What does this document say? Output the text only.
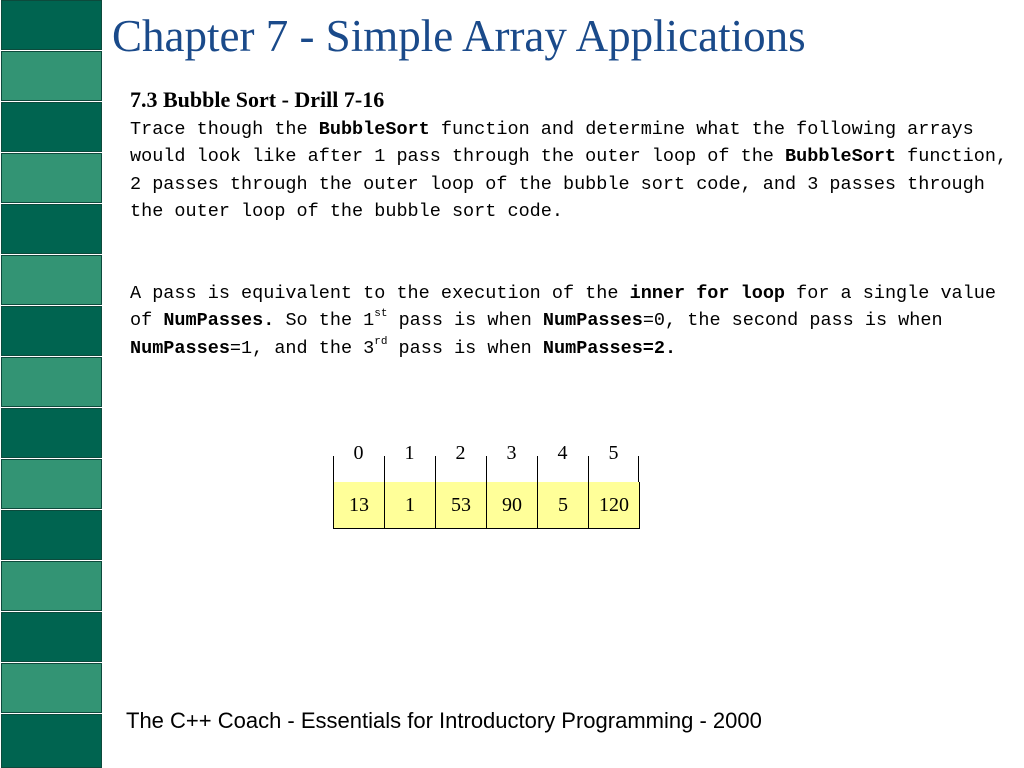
Chapter 7 - Simple Array Applications
7.3 Bubble Sort - Drill 7-16

Trace though the BubbleSort function and determine what the following arrays would look like after 1 pass through the outer loop of the BubbleSort function, 2 passes through the outer loop of the bubble sort code, and 3 passes through the outer loop of the bubble sort code.

A pass is equivalent to the execution of the inner for loop for a single value of NumPasses. So the 1st pass is when NumPasses=0, the second pass is when NumPasses=1, and the 3rd pass is when NumPasses=2.

0	1	2	3	4	5
13	1	53	90	5	120

The C++ Coach - Essentials for Introductory Programming - 2000
